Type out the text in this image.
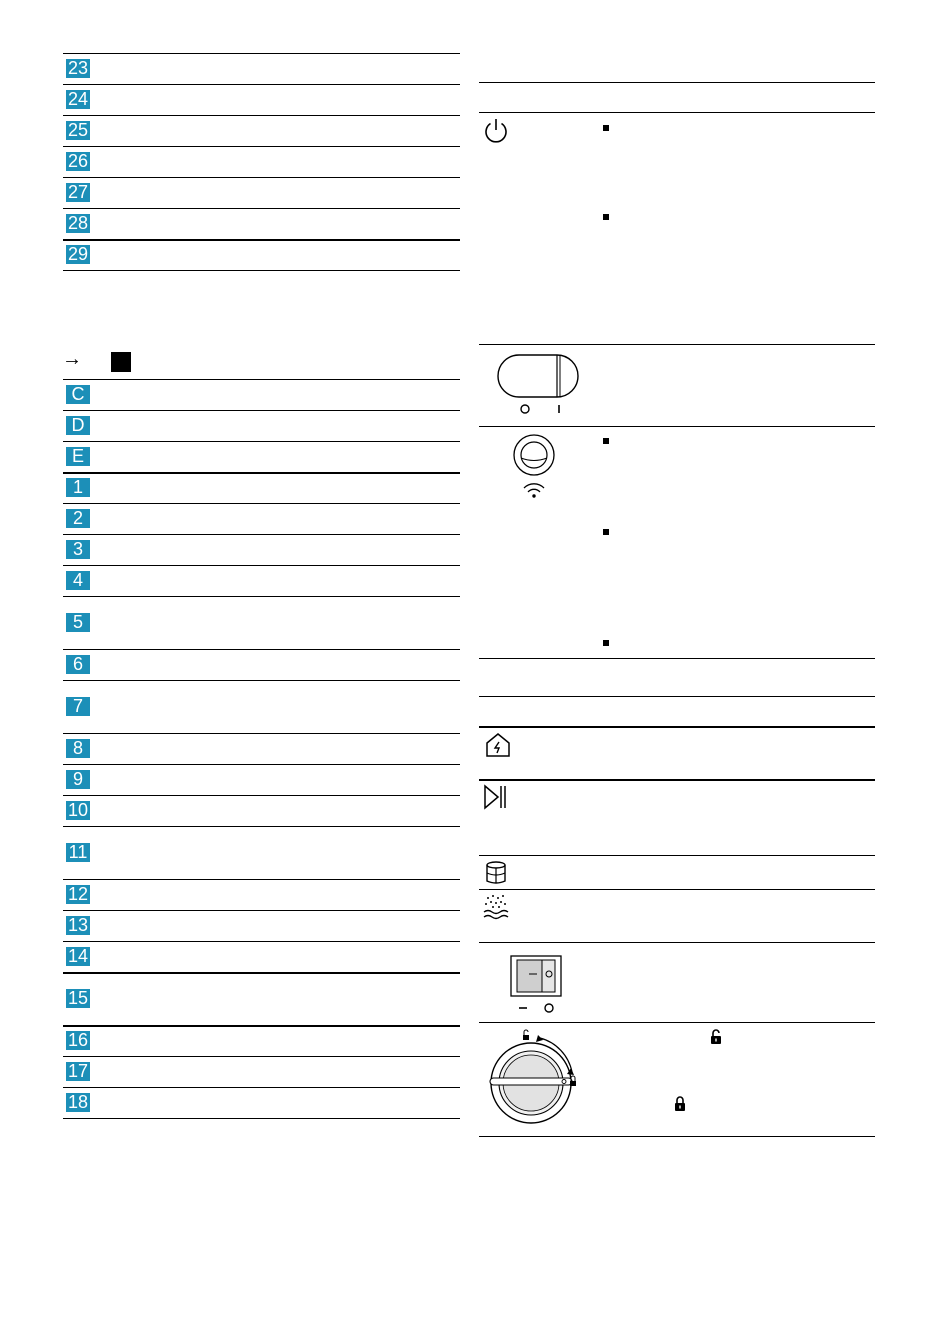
23
24
25
26
27
28
29
→
C
D
E
1
2
3
4
5
6
7
8
9
10
11
12
13
14
15
16
17
18
